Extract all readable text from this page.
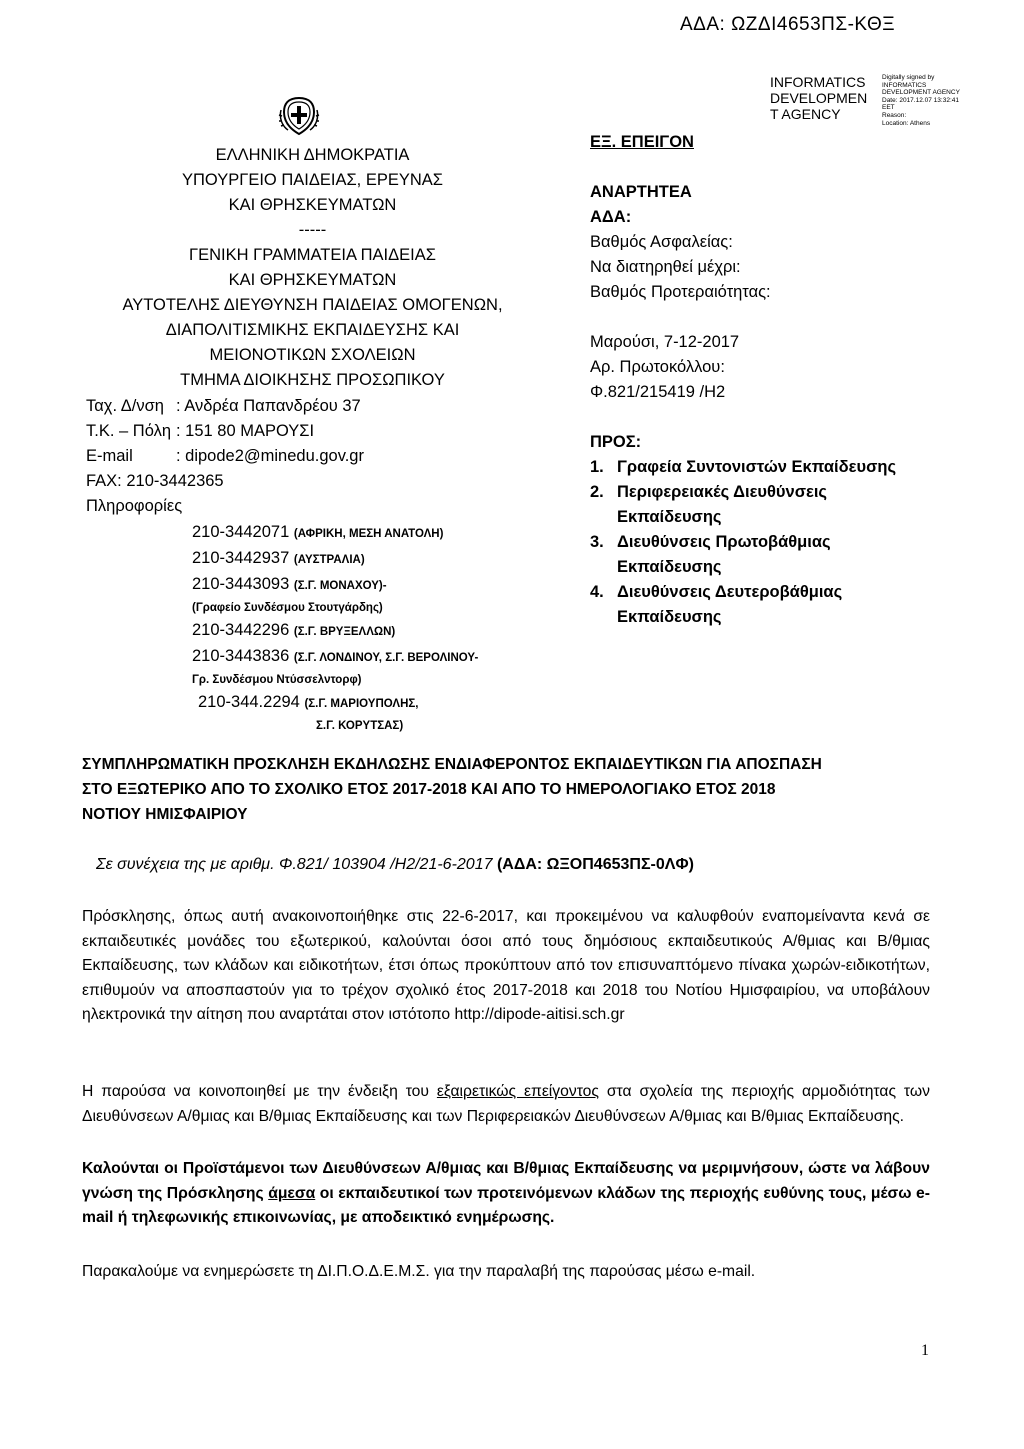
ΑΔΑ: ΩΖΔΙ4653ΠΣ-ΚΘΞ
INFORMATICS
DEVELOPMEN
T AGENCY
Digitally signed by
INFORMATICS
DEVELOPMENT AGENCY
Date: 2017.12.07 13:32:41
EET
Reason:
Location: Athens
ΕΛΛΗΝΙΚΗ ΔΗΜΟΚΡΑΤΙΑ
ΥΠΟΥΡΓΕΙΟ ΠΑΙΔΕΙΑΣ, ΕΡΕΥΝΑΣ
ΚΑΙ ΘΡΗΣΚΕΥΜΑΤΩΝ
-----
ΓΕΝΙΚΗ ΓΡΑΜΜΑΤΕΙΑ ΠΑΙΔΕΙΑΣ
ΚΑΙ ΘΡΗΣΚΕΥΜΑΤΩΝ
ΑΥΤΟΤΕΛΗΣ ΔΙΕΥΘΥΝΣΗ ΠΑΙΔΕΙΑΣ ΟΜΟΓΕΝΩΝ,
ΔΙΑΠΟΛΙΤΙΣΜΙΚΗΣ ΕΚΠΑΙΔΕΥΣΗΣ ΚΑΙ
ΜΕΙΟΝΟΤΙΚΩΝ ΣΧΟΛΕΙΩΝ
ΤΜΗΜΑ ΔΙΟΙΚΗΣΗΣ ΠΡΟΣΩΠΙΚΟΥ
Ταχ. Δ/νση : Ανδρέα Παπανδρέου 37
Τ.Κ. – Πόλη : 151 80 ΜΑΡΟΥΣΙ
E-mail	: dipode2@minedu.gov.gr
FAX: 210-3442365
Πληροφορίες
210-3442071 (ΑΦΡΙΚΗ, ΜΕΣΗ ΑΝΑΤΟΛΗ)
210-3442937 (ΑΥΣΤΡΑΛΙΑ)
210-3443093 (Σ.Γ. ΜΟΝΑΧΟΥ)-
(Γραφείο Συνδέσμου Στουτγάρδης)
210-3442296 (Σ.Γ. ΒΡΥΞΕΛΛΩΝ)
210-3443836 (Σ.Γ. ΛΟΝΔΙΝΟΥ, Σ.Γ. ΒΕΡΟΛΙΝΟΥ-
Γρ. Συνδέσμου Ντύσσελντορφ)
210-344.2294 (Σ.Γ. ΜΑΡΙΟΥΠΟΛΗΣ,
Σ.Γ. ΚΟΡΥΤΣΑΣ)
ΕΞ. ΕΠΕΙΓΟΝ
ΑΝΑΡΤΗΤΕΑ
ΑΔΑ:
Βαθμός Ασφαλείας:
Να διατηρηθεί μέχρι:
Βαθμός Προτεραιότητας:
Μαρούσι, 7-12-2017
Αρ. Πρωτοκόλλου:
Φ.821/215419 /Η2
ΠΡΟΣ:
1. Γραφεία Συντονιστών Εκπαίδευσης
2. Περιφερειακές Διευθύνσεις
Εκπαίδευσης
3. Διευθύνσεις Πρωτοβάθμιας
Εκπαίδευσης
4. Διευθύνσεις Δευτεροβάθμιας
Εκπαίδευσης
ΣΥΜΠΛΗΡΩΜΑΤΙΚΗ ΠΡΟΣΚΛΗΣΗ ΕΚΔΗΛΩΣΗΣ ΕΝΔΙΑΦΕΡΟΝΤΟΣ ΕΚΠΑΙΔΕΥΤΙΚΩΝ ΓΙΑ ΑΠΟΣΠΑΣΗ
ΣΤΟ ΕΞΩΤΕΡΙΚΟ ΑΠΟ ΤΟ ΣΧΟΛΙΚΟ ΕΤΟΣ 2017-2018 ΚΑΙ ΑΠΟ ΤΟ ΗΜΕΡΟΛΟΓΙΑΚΟ ΕΤΟΣ 2018
ΝΟΤΙΟΥ ΗΜΙΣΦΑΙΡΙΟΥ
Σε συνέχεια της με αριθμ. Φ.821/ 103904 /Η2/21-6-2017 (ΑΔΑ: ΩΞΟΠ4653ΠΣ-0ΛΦ)
Πρόσκλησης, όπως αυτή ανακοινοποιήθηκε στις 22-6-2017, και προκειμένου να καλυφθούν εναπομείναντα κενά σε εκπαιδευτικές μονάδες του εξωτερικού, καλούνται όσοι από τους δημόσιους εκπαιδευτικούς Α/θμιας και Β/θμιας Εκπαίδευσης, των κλάδων και ειδικοτήτων, έτσι όπως προκύπτουν από τον επισυναπτόμενο πίνακα χωρών-ειδικοτήτων, επιθυμούν να αποσπαστούν για το τρέχον σχολικό έτος 2017-2018 και 2018 του Νοτίου Ημισφαιρίου, να υποβάλουν ηλεκτρονικά την αίτηση που αναρτάται στον ιστότοπο http://dipode-aitisi.sch.gr
Η παρούσα να κοινοποιηθεί με την ένδειξη του εξαιρετικώς επείγοντος στα σχολεία της περιοχής αρμοδιότητας των Διευθύνσεων Α/θμιας και Β/θμιας Εκπαίδευσης και των Περιφερειακών Διευθύνσεων Α/θμιας και Β/θμιας Εκπαίδευσης.
Καλούνται οι Προϊστάμενοι των Διευθύνσεων Α/θμιας και Β/θμιας Εκπαίδευσης να μεριμνήσουν, ώστε να λάβουν γνώση της Πρόσκλησης άμεσα οι εκπαιδευτικοί των προτεινόμενων κλάδων της περιοχής ευθύνης τους, μέσω e-mail ή τηλεφωνικής επικοινωνίας, με αποδεικτικό ενημέρωσης.
Παρακαλούμε να ενημερώσετε τη ΔΙ.Π.Ο.Δ.Ε.Μ.Σ. για την παραλαβή της παρούσας μέσω e-mail.
1
